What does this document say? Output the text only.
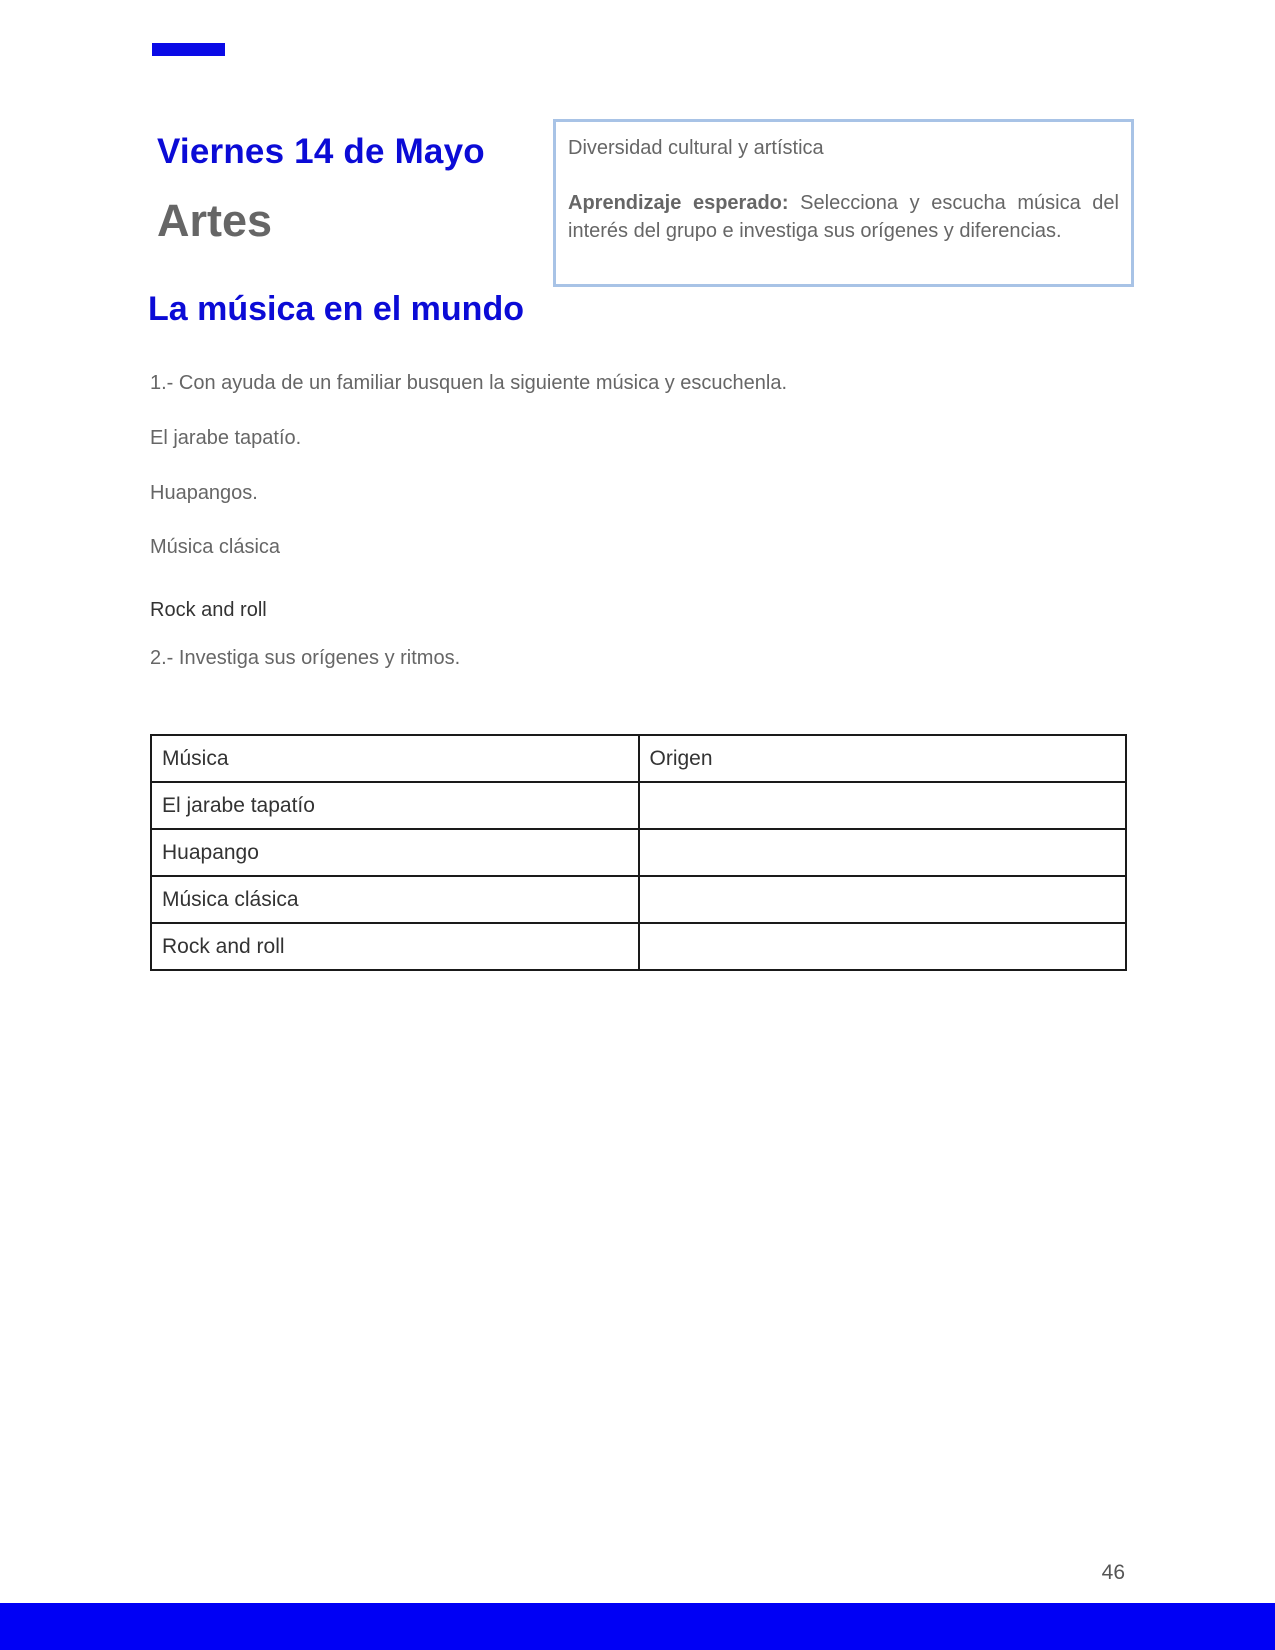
Viernes 14 de Mayo
Artes

Diversidad cultural y artística

Aprendizaje esperado: Selecciona y escucha música del interés del grupo e investiga sus orígenes y diferencias.

La música en el mundo

1.- Con ayuda de un familiar busquen la siguiente música y escuchenla.

El jarabe tapatío.

Huapangos.

Música clásica

Rock and roll

2.- Investiga sus orígenes y ritmos.

Música	Origen
El jarabe tapatío	
Huapango	
Música clásica	
Rock and roll	

46
